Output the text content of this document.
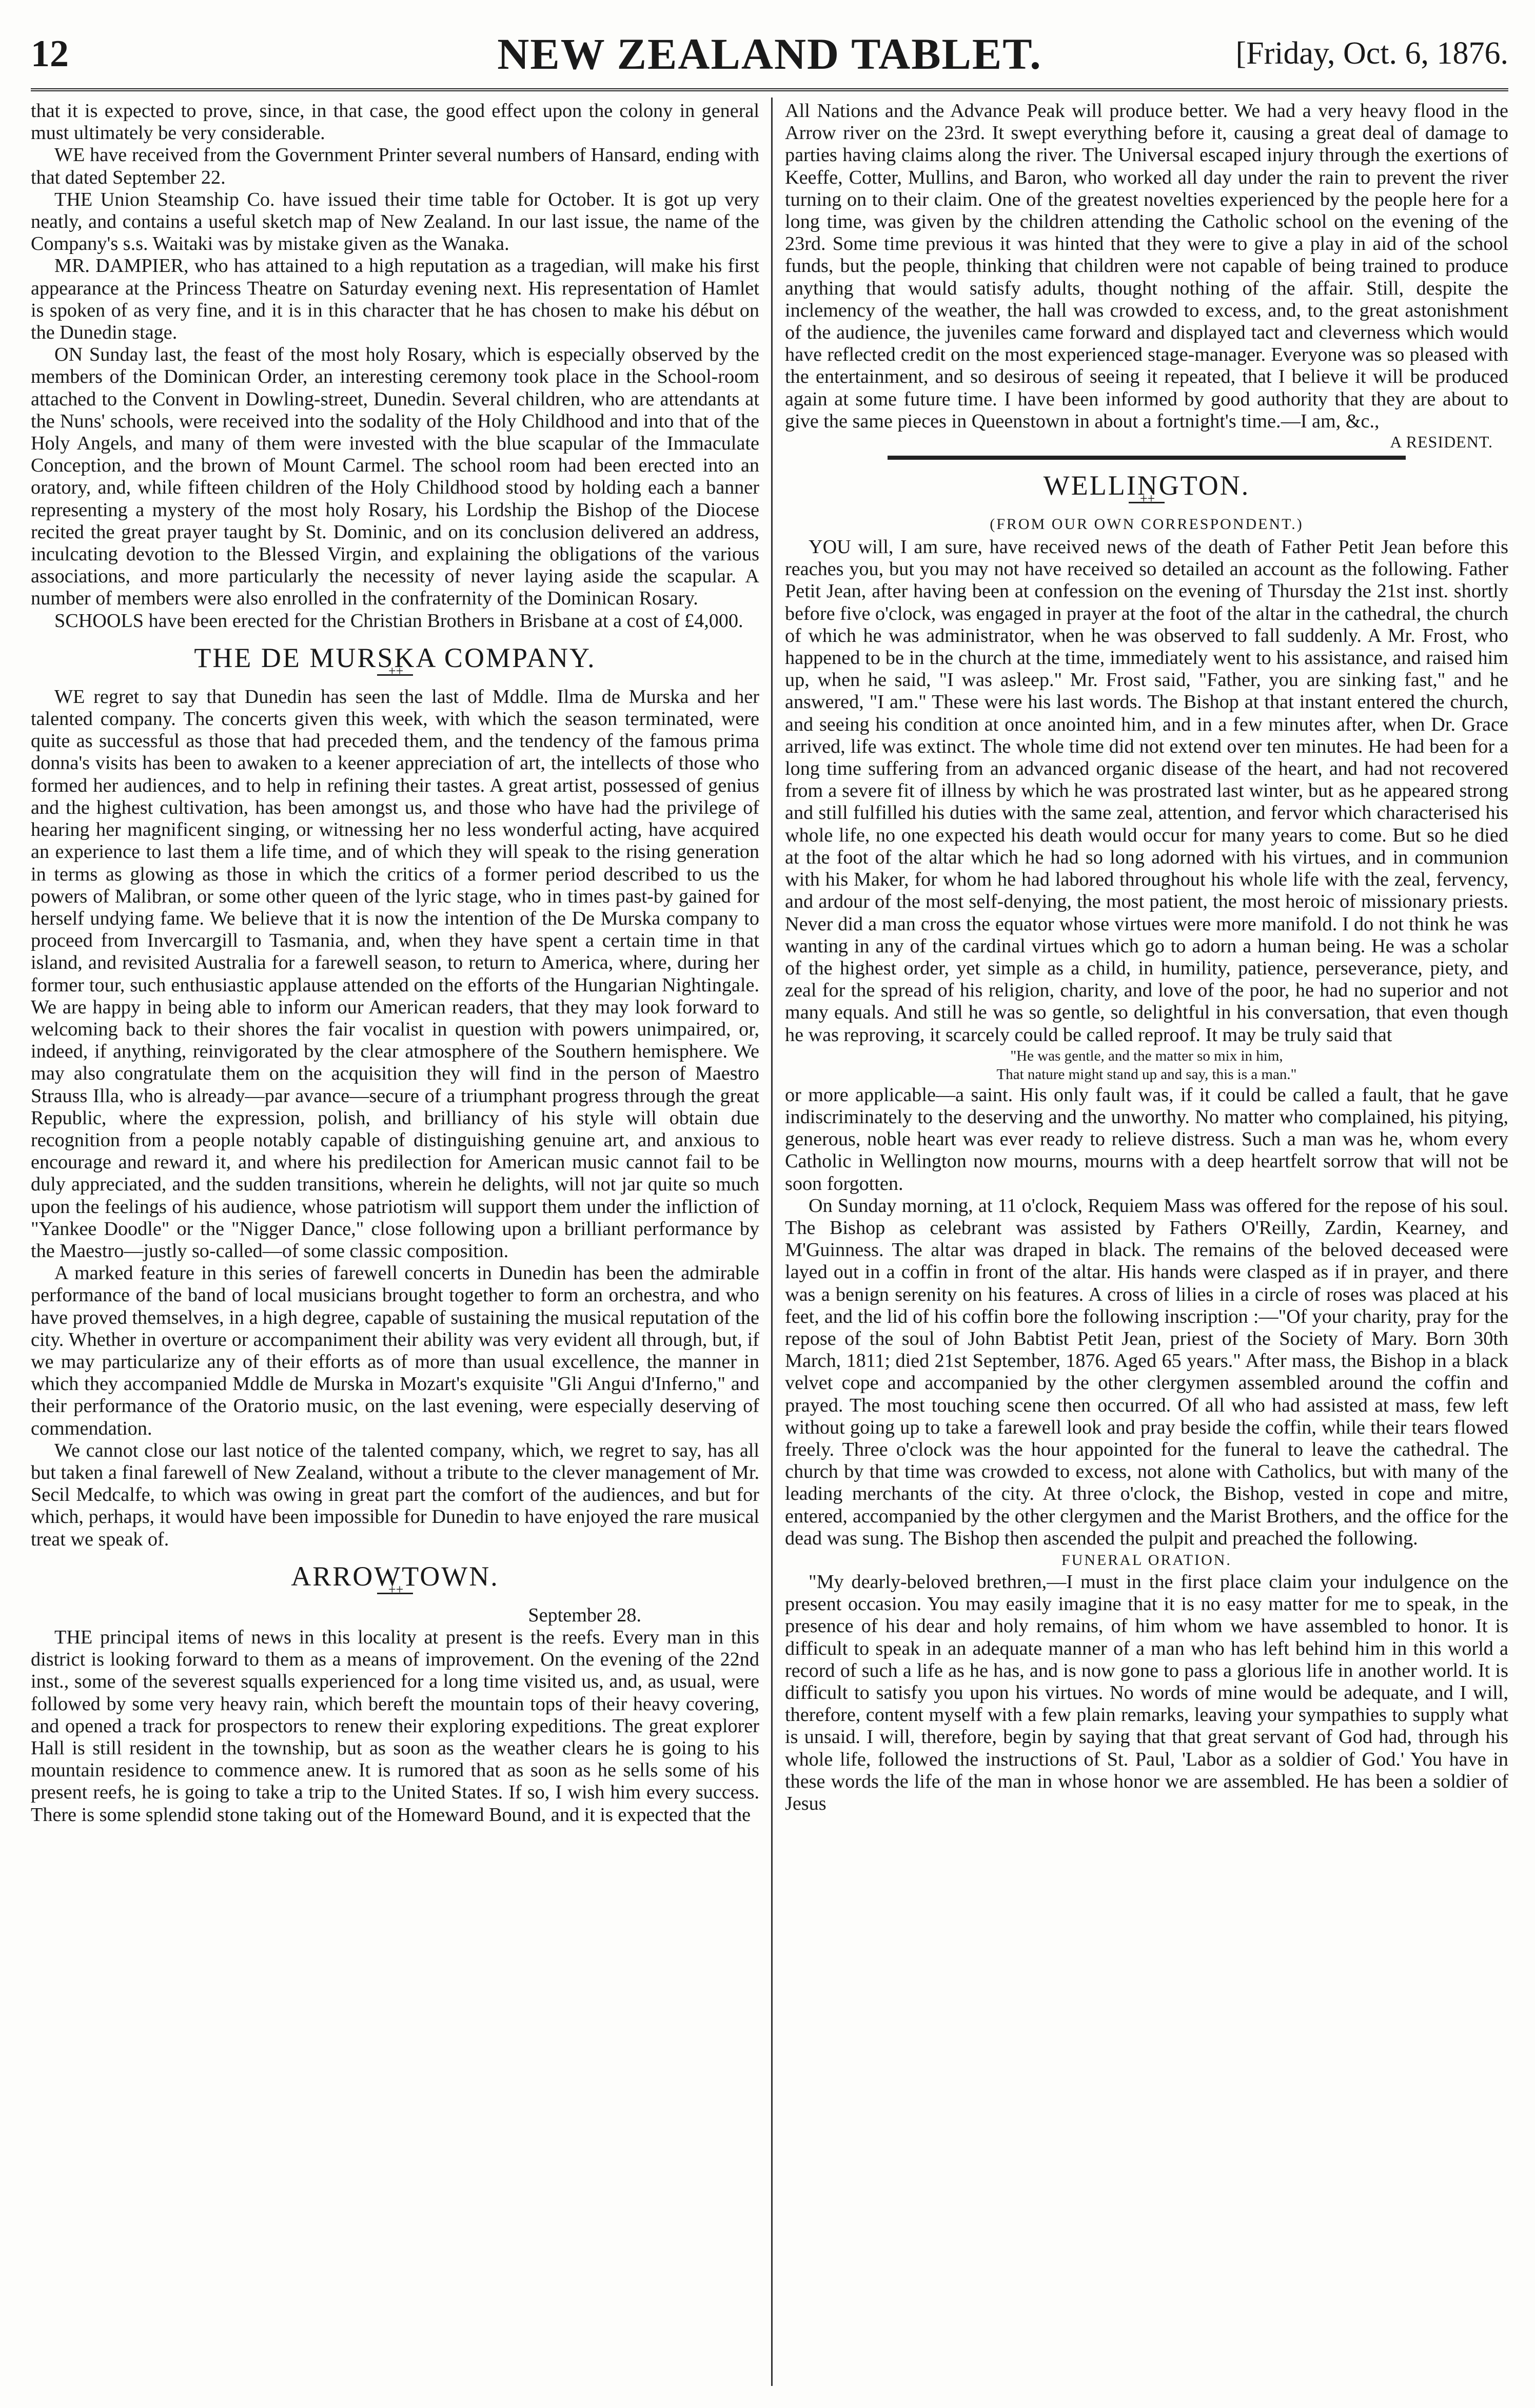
12	NEW ZEALAND TABLET.	[Friday, Oct. 6, 1876.

that it is expected to prove, since, in that case, the good effect upon the colony in general must ultimately be very considerable.

WE have received from the Government Printer several numbers of Hansard, ending with that dated September 22.

THE Union Steamship Co. have issued their time table for October. It is got up very neatly, and contains a useful sketch map of New Zealand. In our last issue, the name of the Company's s.s. Waitaki was by mistake given as the Wanaka.

MR. DAMPIER, who has attained to a high reputation as a tragedian, will make his first appearance at the Princess Theatre on Saturday evening next. His representation of Hamlet is spoken of as very fine, and it is in this character that he has chosen to make his début on the Dunedin stage.

ON Sunday last, the feast of the most holy Rosary, which is especially observed by the members of the Dominican Order, an interesting ceremony took place in the School-room attached to the Convent in Dowling-street, Dunedin. Several children, who are attendants at the Nuns' schools, were received into the sodality of the Holy Childhood and into that of the Holy Angels, and many of them were invested with the blue scapular of the Immaculate Conception, and the brown of Mount Carmel. The school room had been erected into an oratory, and, while fifteen children of the Holy Childhood stood by holding each a banner representing a mystery of the most holy Rosary, his Lordship the Bishop of the Diocese recited the great prayer taught by St. Dominic, and on its conclusion delivered an address, inculcating devotion to the Blessed Virgin, and explaining the obligations of the various associations, and more particularly the necessity of never laying aside the scapular. A number of members were also enrolled in the confraternity of the Dominican Rosary.

SCHOOLS have been erected for the Christian Brothers in Brisbane at a cost of £4,000.

THE DE MURSKA COMPANY.
++

WE regret to say that Dunedin has seen the last of Mddle. Ilma de Murska and her talented company. The concerts given this week, with which the season terminated, were quite as successful as those that had preceded them, and the tendency of the famous prima donna's visits has been to awaken to a keener appreciation of art, the intellects of those who formed her audiences, and to help in refining their tastes. A great artist, possessed of genius and the highest cultivation, has been amongst us, and those who have had the privilege of hearing her magnificent singing, or witnessing her no less wonderful acting, have acquired an experience to last them a life time, and of which they will speak to the rising generation in terms as glowing as those in which the critics of a former period described to us the powers of Malibran, or some other queen of the lyric stage, who in times past-by gained for herself undying fame. We believe that it is now the intention of the De Murska company to proceed from Invercargill to Tasmania, and, when they have spent a certain time in that island, and revisited Australia for a farewell season, to return to America, where, during her former tour, such enthusiastic applause attended on the efforts of the Hungarian Nightingale. We are happy in being able to inform our American readers, that they may look forward to welcoming back to their shores the fair vocalist in question with powers unimpaired, or, indeed, if anything, reinvigorated by the clear atmosphere of the Southern hemisphere. We may also congratulate them on the acquisition they will find in the person of Maestro Strauss Illa, who is already—par avance—secure of a triumphant progress through the great Republic, where the expression, polish, and brilliancy of his style will obtain due recognition from a people notably capable of distinguishing genuine art, and anxious to encourage and reward it, and where his predilection for American music cannot fail to be duly appreciated, and the sudden transitions, wherein he delights, will not jar quite so much upon the feelings of his audience, whose patriotism will support them under the infliction of "Yankee Doodle" or the "Nigger Dance," close following upon a brilliant performance by the Maestro—justly so-called—of some classic composition.

A marked feature in this series of farewell concerts in Dunedin has been the admirable performance of the band of local musicians brought together to form an orchestra, and who have proved themselves, in a high degree, capable of sustaining the musical reputation of the city. Whether in overture or accompaniment their ability was very evident all through, but, if we may particularize any of their efforts as of more than usual excellence, the manner in which they accompanied Mddle de Murska in Mozart's exquisite "Gli Angui d'Inferno," and their performance of the Oratorio music, on the last evening, were especially deserving of commendation.

We cannot close our last notice of the talented company, which, we regret to say, has all but taken a final farewell of New Zealand, without a tribute to the clever management of Mr. Secil Medcalfe, to which was owing in great part the comfort of the audiences, and but for which, perhaps, it would have been impossible for Dunedin to have enjoyed the rare musical treat we speak of.

ARROWTOWN.
++
September 28.

THE principal items of news in this locality at present is the reefs. Every man in this district is looking forward to them as a means of improvement. On the evening of the 22nd inst., some of the severest squalls experienced for a long time visited us, and, as usual, were followed by some very heavy rain, which bereft the mountain tops of their heavy covering, and opened a track for prospectors to renew their exploring expeditions. The great explorer Hall is still resident in the township, but as soon as the weather clears he is going to his mountain residence to commence anew. It is rumored that as soon as he sells some of his present reefs, he is going to take a trip to the United States. If so, I wish him every success. There is some splendid stone taking out of the Homeward Bound, and it is expected that the

All Nations and the Advance Peak will produce better. We had a very heavy flood in the Arrow river on the 23rd. It swept everything before it, causing a great deal of damage to parties having claims along the river. The Universal escaped injury through the exertions of Keeffe, Cotter, Mullins, and Baron, who worked all day under the rain to prevent the river turning on to their claim. One of the greatest novelties experienced by the people here for a long time, was given by the children attending the Catholic school on the evening of the 23rd. Some time previous it was hinted that they were to give a play in aid of the school funds, but the people, thinking that children were not capable of being trained to produce anything that would satisfy adults, thought nothing of the affair. Still, despite the inclemency of the weather, the hall was crowded to excess, and, to the great astonishment of the audience, the juveniles came forward and displayed tact and cleverness which would have reflected credit on the most experienced stage-manager. Everyone was so pleased with the entertainment, and so desirous of seeing it repeated, that I believe it will be produced again at some future time. I have been informed by good authority that they are about to give the same pieces in Queenstown in about a fortnight's time.—I am, &c.,

A RESIDENT.
WELLINGTON.
++
(FROM OUR OWN CORRESPONDENT.)

YOU will, I am sure, have received news of the death of Father Petit Jean before this reaches you, but you may not have received so detailed an account as the following. Father Petit Jean, after having been at confession on the evening of Thursday the 21st inst. shortly before five o'clock, was engaged in prayer at the foot of the altar in the cathedral, the church of which he was administrator, when he was observed to fall suddenly. A Mr. Frost, who happened to be in the church at the time, immediately went to his assistance, and raised him up, when he said, "I was asleep." Mr. Frost said, "Father, you are sinking fast," and he answered, "I am." These were his last words. The Bishop at that instant entered the church, and seeing his condition at once anointed him, and in a few minutes after, when Dr. Grace arrived, life was extinct. The whole time did not extend over ten minutes. He had been for a long time suffering from an advanced organic disease of the heart, and had not recovered from a severe fit of illness by which he was prostrated last winter, but as he appeared strong and still fulfilled his duties with the same zeal, attention, and fervor which characterised his whole life, no one expected his death would occur for many years to come. But so he died at the foot of the altar which he had so long adorned with his virtues, and in communion with his Maker, for whom he had labored throughout his whole life with the zeal, fervency, and ardour of the most self-denying, the most patient, the most heroic of missionary priests. Never did a man cross the equator whose virtues were more manifold. I do not think he was wanting in any of the cardinal virtues which go to adorn a human being. He was a scholar of the highest order, yet simple as a child, in humility, patience, perseverance, piety, and zeal for the spread of his religion, charity, and love of the poor, he had no superior and not many equals. And still he was so gentle, so delightful in his conversation, that even though he was reproving, it scarcely could be called reproof. It may be truly said that

"He was gentle, and the matter so mix in him,
That nature might stand up and say, this is a man."

or more applicable—a saint. His only fault was, if it could be called a fault, that he gave indiscriminately to the deserving and the unworthy. No matter who complained, his pitying, generous, noble heart was ever ready to relieve distress. Such a man was he, whom every Catholic in Wellington now mourns, mourns with a deep heartfelt sorrow that will not be soon forgotten.

On Sunday morning, at 11 o'clock, Requiem Mass was offered for the repose of his soul. The Bishop as celebrant was assisted by Fathers O'Reilly, Zardin, Kearney, and M'Guinness. The altar was draped in black. The remains of the beloved deceased were layed out in a coffin in front of the altar. His hands were clasped as if in prayer, and there was a benign serenity on his features. A cross of lilies in a circle of roses was placed at his feet, and the lid of his coffin bore the following inscription :—"Of your charity, pray for the repose of the soul of John Babtist Petit Jean, priest of the Society of Mary. Born 30th March, 1811; died 21st September, 1876. Aged 65 years." After mass, the Bishop in a black velvet cope and accompanied by the other clergymen assembled around the coffin and prayed. The most touching scene then occurred. Of all who had assisted at mass, few left without going up to take a farewell look and pray beside the coffin, while their tears flowed freely. Three o'clock was the hour appointed for the funeral to leave the cathedral. The church by that time was crowded to excess, not alone with Catholics, but with many of the leading merchants of the city. At three o'clock, the Bishop, vested in cope and mitre, entered, accompanied by the other clergymen and the Marist Brothers, and the office for the dead was sung. The Bishop then ascended the pulpit and preached the following.

FUNERAL ORATION.

"My dearly-beloved brethren,—I must in the first place claim your indulgence on the present occasion. You may easily imagine that it is no easy matter for me to speak, in the presence of his dear and holy remains, of him whom we have assembled to honor. It is difficult to speak in an adequate manner of a man who has left behind him in this world a record of such a life as he has, and is now gone to pass a glorious life in another world. It is difficult to satisfy you upon his virtues. No words of mine would be adequate, and I will, therefore, content myself with a few plain remarks, leaving your sympathies to supply what is unsaid. I will, therefore, begin by saying that that great servant of God had, through his whole life, followed the instructions of St. Paul, 'Labor as a soldier of God.' You have in these words the life of the man in whose honor we are assembled. He has been a soldier of Jesus
